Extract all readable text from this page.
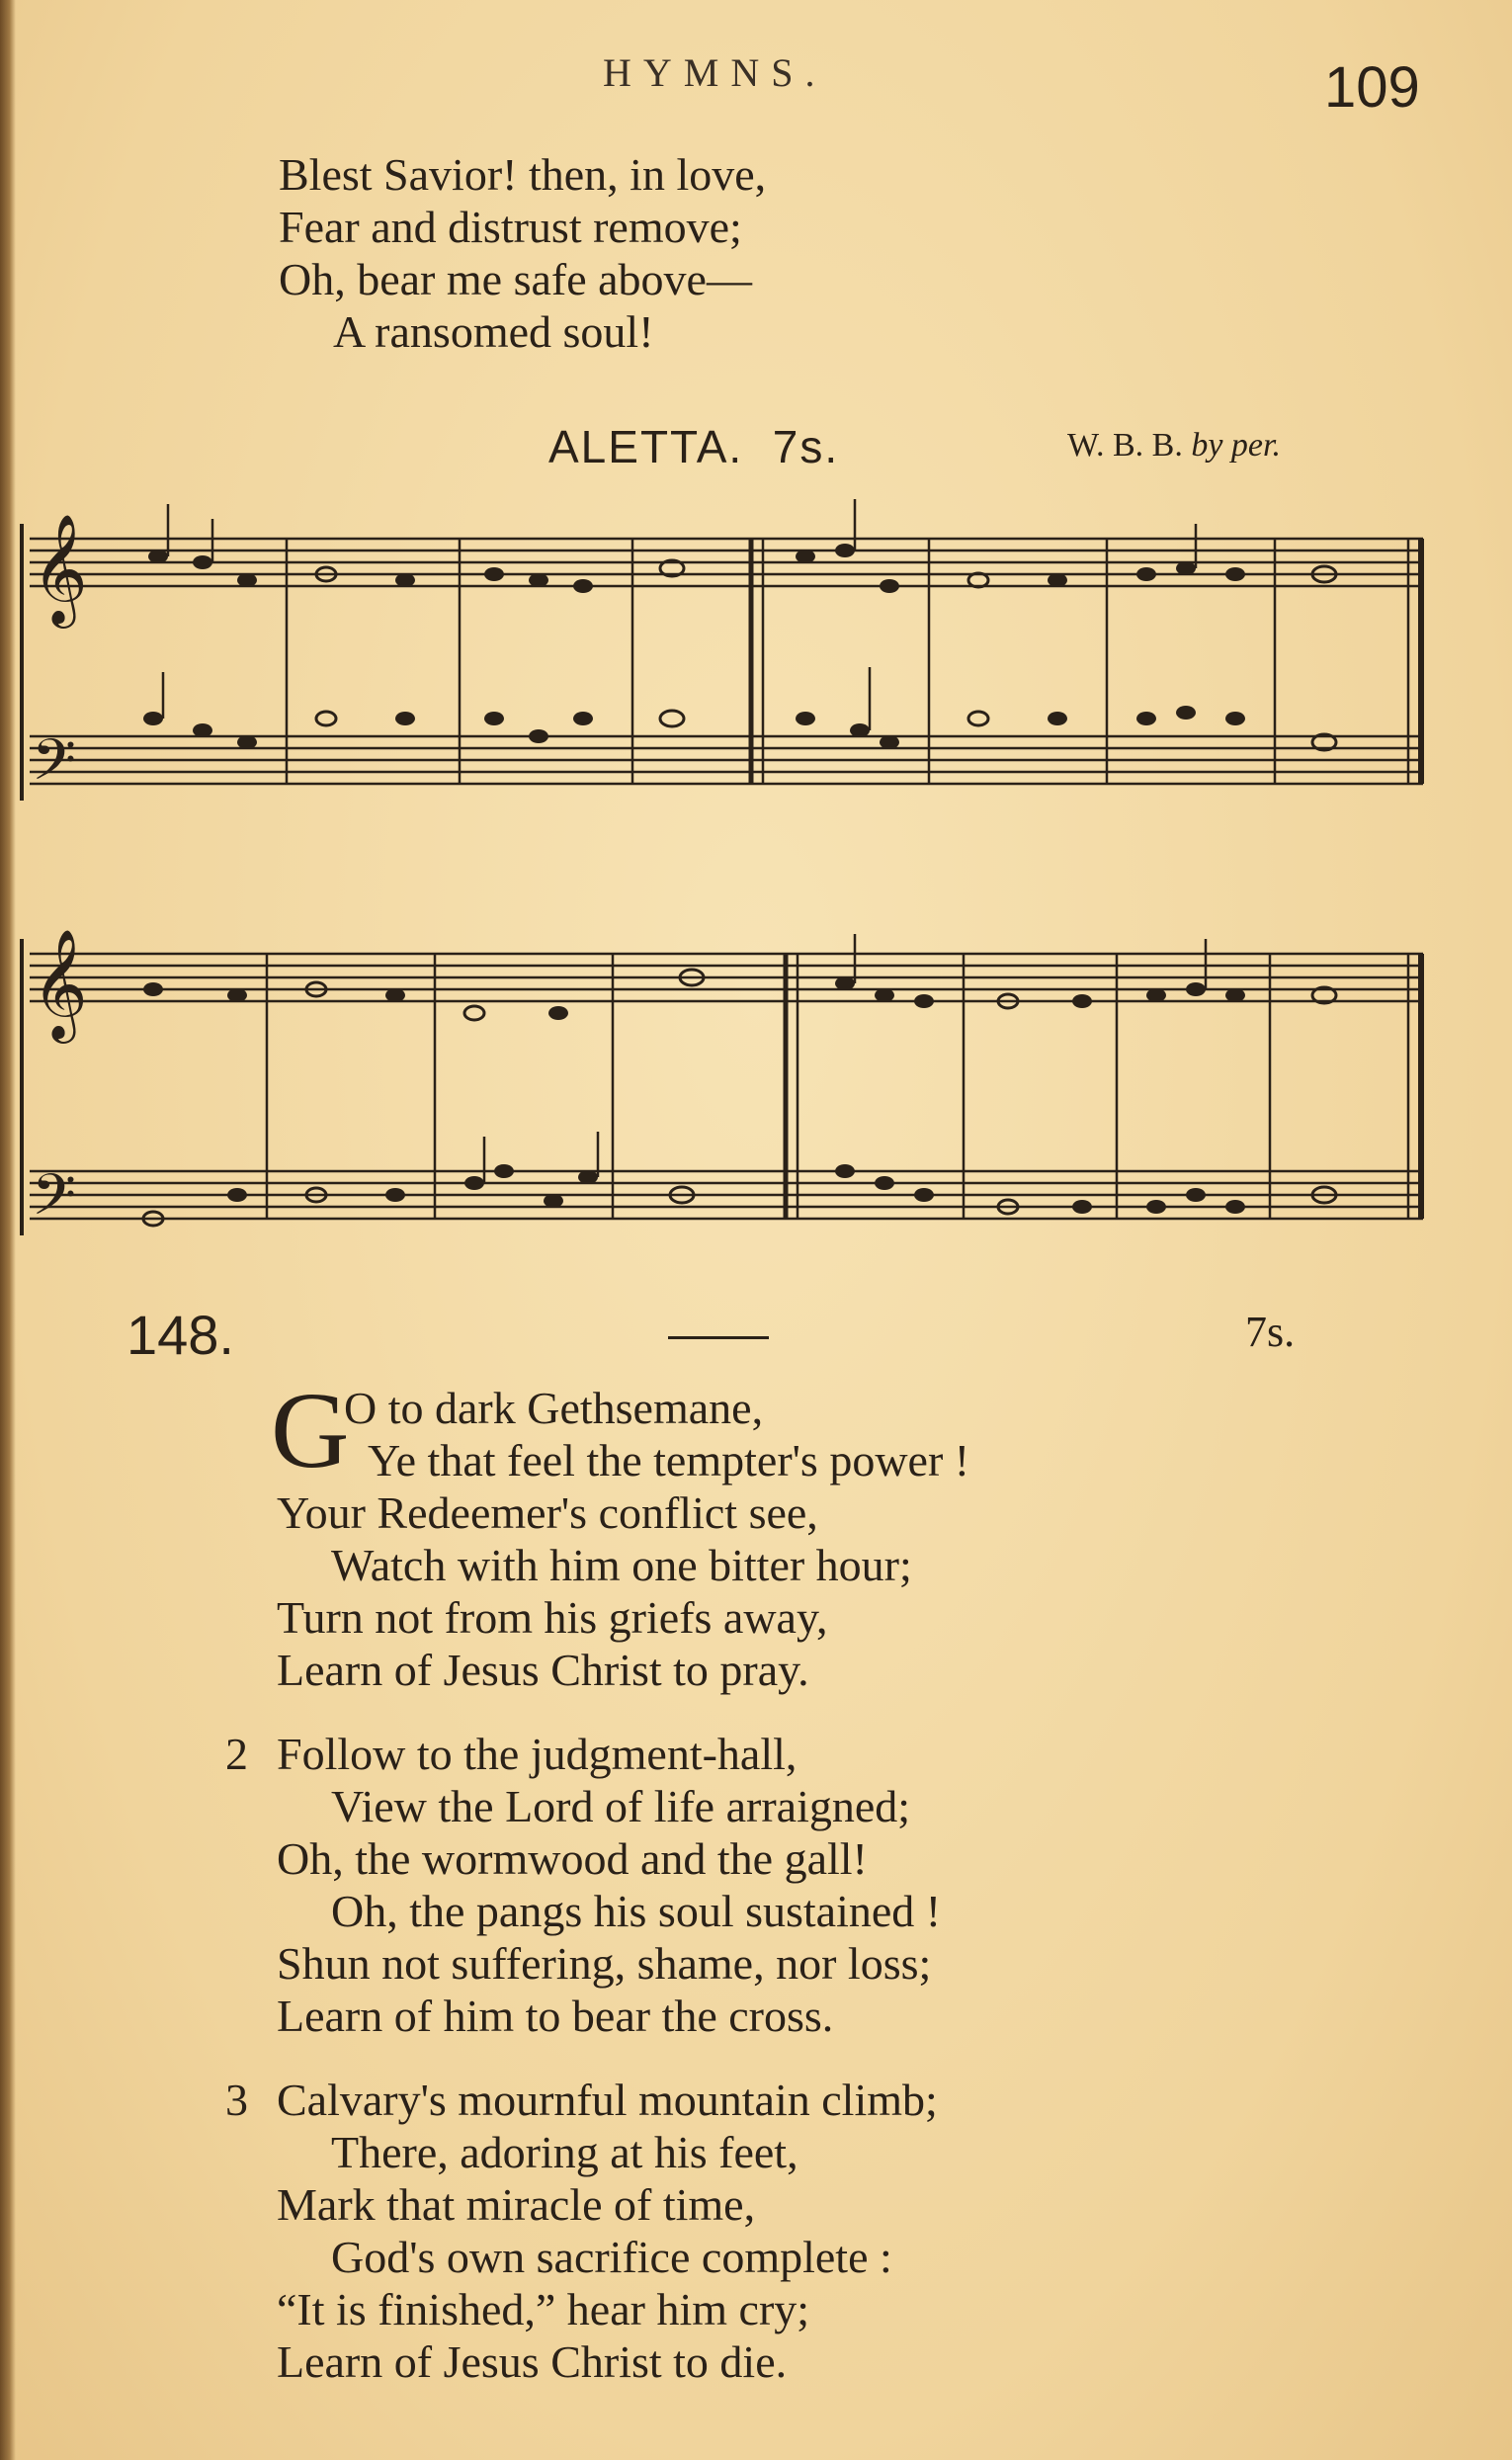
HYMNS.	109
Blest Savior! then, in love,
Fear and distrust remove;
Oh, bear me safe above—
A ransomed soul!
ALETTA. 7s.	W. B. B. by per.
𝄞
𝄢
𝄞
𝄢
148.	7s.
G
O to dark Gethsemane,
Ye that feel the tempter's power !
Your Redeemer's conflict see,
Watch with him one bitter hour;
Turn not from his griefs away,
Learn of Jesus Christ to pray.
2 Follow to the judgment-hall,
View the Lord of life arraigned;
Oh, the wormwood and the gall!
Oh, the pangs his soul sustained !
Shun not suffering, shame, nor loss;
Learn of him to bear the cross.
3 Calvary's mournful mountain climb;
There, adoring at his feet,
Mark that miracle of time,
God's own sacrifice complete :
“It is finished,” hear him cry;
Learn of Jesus Christ to die.
